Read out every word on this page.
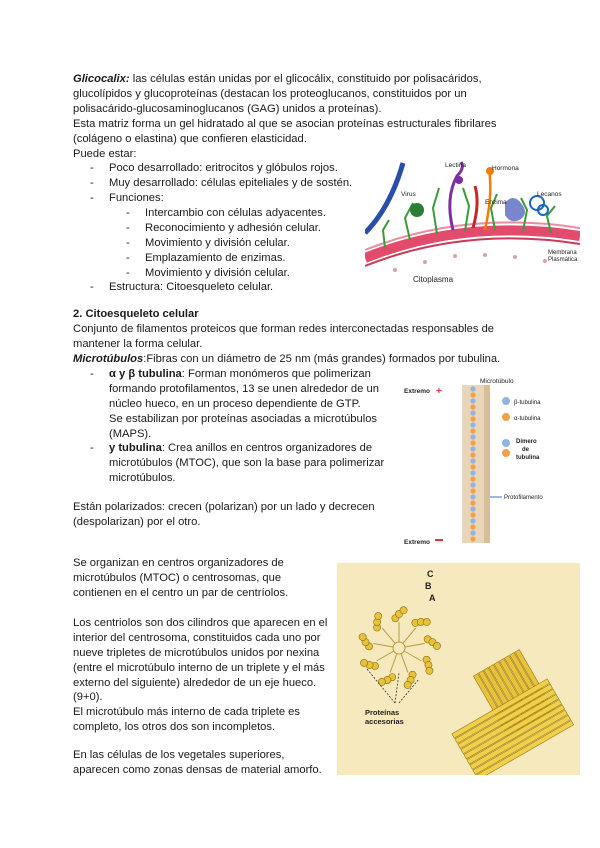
Glicocalix: las células están unidas por el glicocálix, constituido por polisacáridos,
glucolípidos y glucoproteínas (destacan los proteoglucanos, constituidos por un
polisacárido-glucosaminoglucanos (GAG) unidos a proteínas).
Esta matriz forma un gel hidratado al que se asocian proteínas estructurales fibrilares
(colágeno o elastina) que confieren elasticidad.
Puede estar:
- Poco desarrollado: eritrocitos y glóbulos rojos.
- Muy desarrollado: células epiteliales y de sostén.
- Funciones:
- Intercambio con células adyacentes.
- Reconocimiento y adhesión celular.
- Movimiento y división celular.
- Emplazamiento de enzimas.
- Movimiento y división celular.
- Estructura: Citoesqueleto celular.
Lectina	Hormona
Virus
Enzima
Lecanos
Membrana
Plasmática
Citoplasma
2. Citoesqueleto celular
Conjunto de filamentos proteicos que forman redes interconectadas responsables de
mantener la forma celular.
Microtúbulos:Fibras con un diámetro de 25 nm (más grandes) formados por tubulina.
- α y β tubulina: Forman monómeros que polimerizan
formando protofilamentos, 13 se unen alrededor de un
núcleo hueco, en un proceso dependiente de GTP.
Se estabilizan por proteínas asociadas a microtúbulos
(MAPS).
- y tubulina: Crea anillos en centros organizadores de
microtúbulos (MTOC), que son la base para polimerizar
microtúbulos.
Están polarizados: crecen (polarizan) por un lado y decrecen
(despolarizan) por el otro.
Microtúbulo
Extremo +
β-tubulina
α-tubulina
Dímero
de
tubulina
Protofilamento
Extremo
Se organizan en centros organizadores de
microtúbulos (MTOC) o centrosomas, que
contienen en el centro un par de centríolos.
Los centriolos son dos cilindros que aparecen en el
interior del centrosoma, constituidos cada uno por
nueve tripletes de microtúbulos unidos por nexina
(entre el microtúbulo interno de un triplete y el más
externo del siguiente) alrededor de un eje hueco.
(9+0).
El microtúbulo más interno de cada triplete es
completo, los otros dos son incompletos.
En las células de los vegetales superiores,
aparecen como zonas densas de material amorfo.
C
B
A
Proteínas
accesorias
